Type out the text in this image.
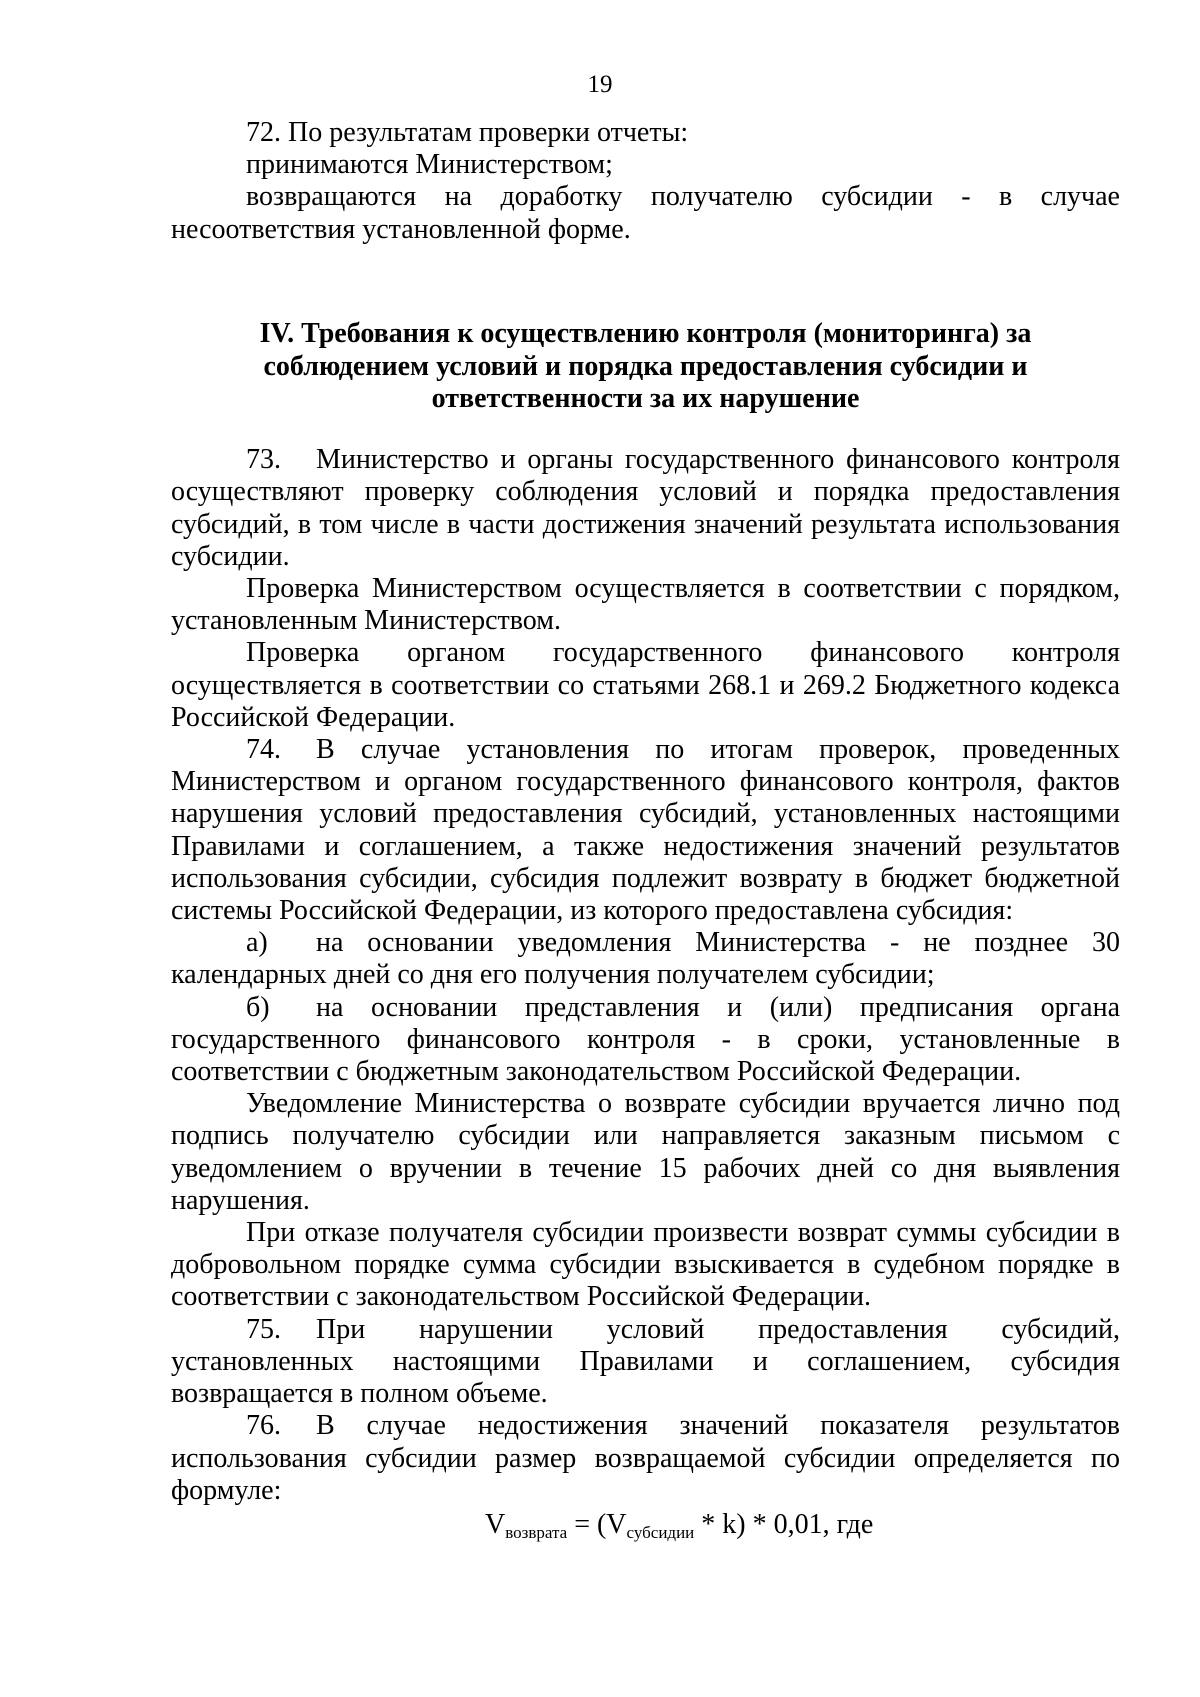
19

72. По результатам проверки отчеты:

принимаются Министерством;

возвращаются на доработку получателю субсидии - в случае несоответствия установленной форме.

IV. Требования к осуществлению контроля (мониторинга) за
соблюдением условий и порядка предоставления субсидии и
ответственности за их нарушение

73. Министерство и органы государственного финансового контроля осуществляют проверку соблюдения условий и порядка предоставления субсидий, в том числе в части достижения значений результата использования субсидии.

Проверка Министерством осуществляется в соответствии с порядком, установленным Министерством.

Проверка органом государственного финансового контроля осуществляется в соответствии со статьями 268.1 и 269.2 Бюджетного кодекса Российской Федерации.

74. В случае установления по итогам проверок, проведенных Министерством и органом государственного финансового контроля, фактов нарушения условий предоставления субсидий, установленных настоящими Правилами и соглашением, а также недостижения значений результатов использования субсидии, субсидия подлежит возврату в бюджет бюджетной системы Российской Федерации, из которого предоставлена субсидия:

а) на основании уведомления Министерства - не позднее 30 календарных дней со дня его получения получателем субсидии;

б) на основании представления и (или) предписания органа государственного финансового контроля - в сроки, установленные в соответствии с бюджетным законодательством Российской Федерации.

Уведомление Министерства о возврате субсидии вручается лично под подпись получателю субсидии или направляется заказным письмом с уведомлением о вручении в течение 15 рабочих дней со дня выявления нарушения.

При отказе получателя субсидии произвести возврат суммы субсидии в добровольном порядке сумма субсидии взыскивается в судебном порядке в соответствии с законодательством Российской Федерации.

75. При нарушении условий предоставления субсидий, установленных настоящими Правилами и соглашением, субсидия возвращается в полном объеме.

76. В случае недостижения значений показателя результатов использования субсидии размер возвращаемой субсидии определяется по формуле:

$V_{возврата} = (V_{субсидии} * k) * 0,01$, где
